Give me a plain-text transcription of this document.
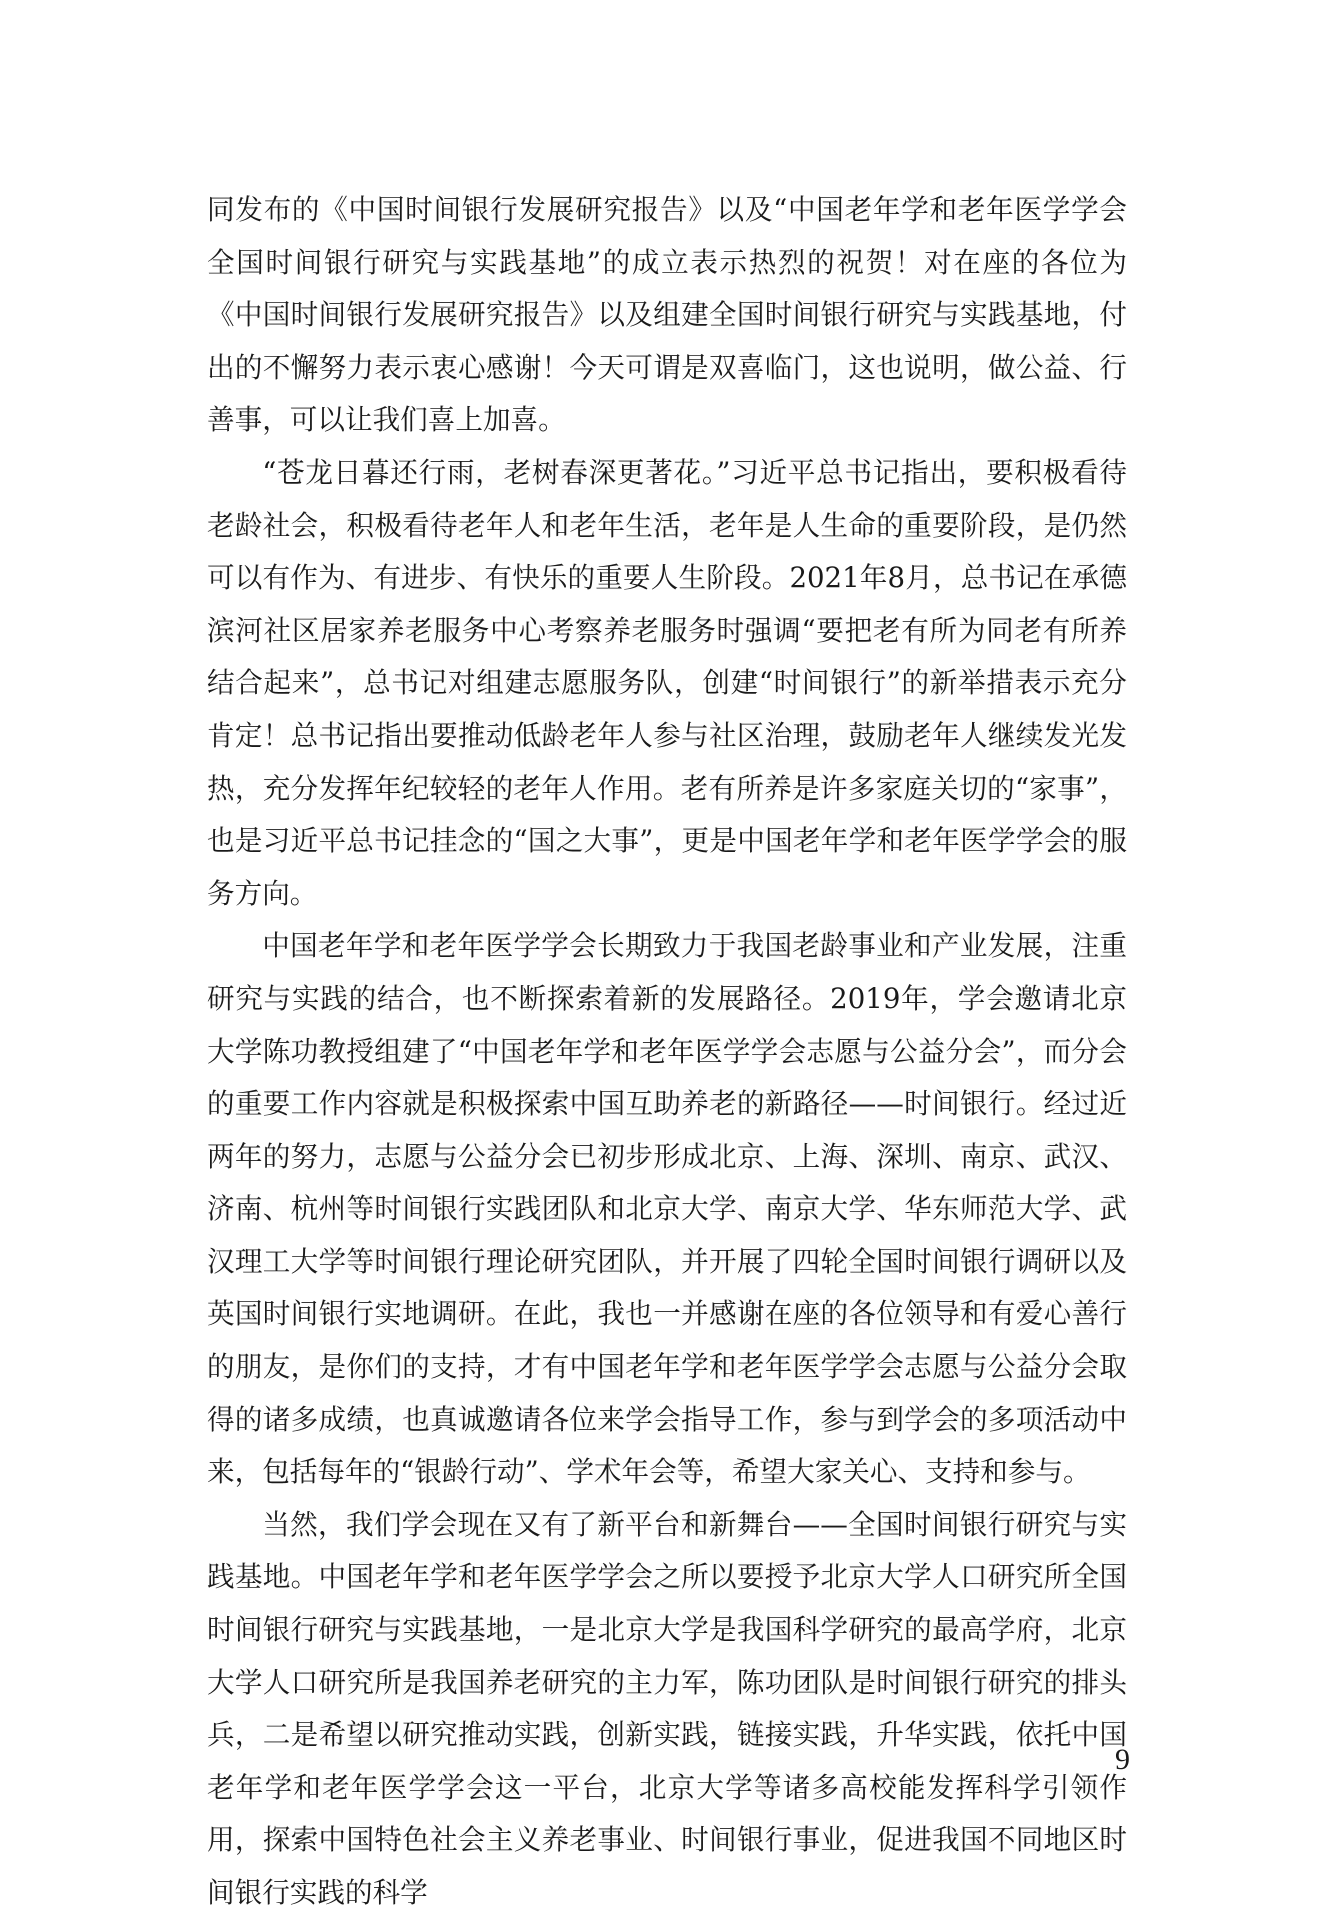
同发布的《中国时间银行发展研究报告》以及“中国老年学和老年医学学会全国时间银行研究与实践基地”的成立表示热烈的祝贺！对在座的各位为《中国时间银行发展研究报告》以及组建全国时间银行研究与实践基地，付出的不懈努力表示衷心感谢！今天可谓是双喜临门，这也说明，做公益、行善事，可以让我们喜上加喜。

“苍龙日暮还行雨，老树春深更著花。”习近平总书记指出，要积极看待老龄社会，积极看待老年人和老年生活，老年是人生命的重要阶段，是仍然可以有作为、有进步、有快乐的重要人生阶段。2021年8月，总书记在承德滨河社区居家养老服务中心考察养老服务时强调“要把老有所为同老有所养结合起来”，总书记对组建志愿服务队，创建“时间银行”的新举措表示充分肯定！总书记指出要推动低龄老年人参与社区治理，鼓励老年人继续发光发热，充分发挥年纪较轻的老年人作用。老有所养是许多家庭关切的“家事”，也是习近平总书记挂念的“国之大事”，更是中国老年学和老年医学学会的服务方向。

中国老年学和老年医学学会长期致力于我国老龄事业和产业发展，注重研究与实践的结合，也不断探索着新的发展路径。2019年，学会邀请北京大学陈功教授组建了“中国老年学和老年医学学会志愿与公益分会”，而分会的重要工作内容就是积极探索中国互助养老的新路径——时间银行。经过近两年的努力，志愿与公益分会已初步形成北京、上海、深圳、南京、武汉、济南、杭州等时间银行实践团队和北京大学、南京大学、华东师范大学、武汉理工大学等时间银行理论研究团队，并开展了四轮全国时间银行调研以及英国时间银行实地调研。在此，我也一并感谢在座的各位领导和有爱心善行的朋友，是你们的支持，才有中国老年学和老年医学学会志愿与公益分会取得的诸多成绩，也真诚邀请各位来学会指导工作，参与到学会的多项活动中来，包括每年的“银龄行动”、学术年会等，希望大家关心、支持和参与。

当然，我们学会现在又有了新平台和新舞台——全国时间银行研究与实践基地。中国老年学和老年医学学会之所以要授予北京大学人口研究所全国时间银行研究与实践基地，一是北京大学是我国科学研究的最高学府，北京大学人口研究所是我国养老研究的主力军，陈功团队是时间银行研究的排头兵，二是希望以研究推动实践，创新实践，链接实践，升华实践，依托中国老年学和老年医学学会这一平台，北京大学等诸多高校能发挥科学引领作用，探索中国特色社会主义养老事业、时间银行事业，促进我国不同地区时间银行实践的科学

9
